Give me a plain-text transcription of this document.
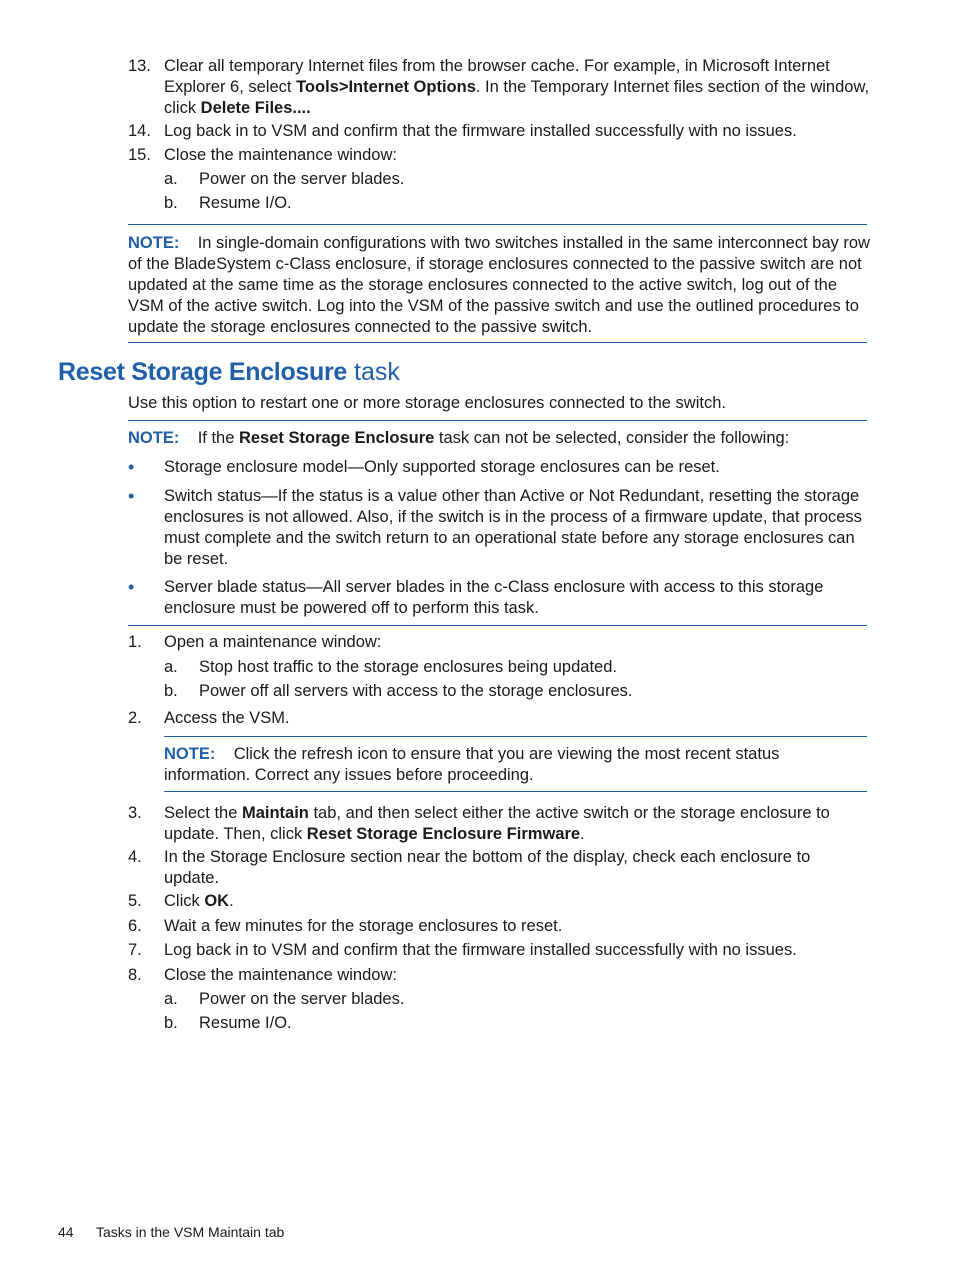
13. Clear all temporary Internet files from the browser cache. For example, in Microsoft Internet Explorer 6, select Tools>Internet Options. In the Temporary Internet files section of the window, click Delete Files....
14. Log back in to VSM and confirm that the firmware installed successfully with no issues.
15. Close the maintenance window:
a. Power on the server blades.
b. Resume I/O.
NOTE: In single-domain configurations with two switches installed in the same interconnect bay row of the BladeSystem c-Class enclosure, if storage enclosures connected to the passive switch are not updated at the same time as the storage enclosures connected to the active switch, log out of the VSM of the active switch. Log into the VSM of the passive switch and use the outlined procedures to update the storage enclosures connected to the passive switch.
Reset Storage Enclosure task
Use this option to restart one or more storage enclosures connected to the switch.
NOTE: If the Reset Storage Enclosure task can not be selected, consider the following:
• Storage enclosure model—Only supported storage enclosures can be reset.
• Switch status—If the status is a value other than Active or Not Redundant, resetting the storage enclosures is not allowed. Also, if the switch is in the process of a firmware update, that process must complete and the switch return to an operational state before any storage enclosures can be reset.
• Server blade status—All server blades in the c-Class enclosure with access to this storage enclosure must be powered off to perform this task.
1.	Open a maintenance window:
a. Stop host traffic to the storage enclosures being updated.
b. Power off all servers with access to the storage enclosures.
2.	Access the VSM.
NOTE: Click the refresh icon to ensure that you are viewing the most recent status information. Correct any issues before proceeding.
3.	Select the Maintain tab, and then select either the active switch or the storage enclosure to update. Then, click Reset Storage Enclosure Firmware.
4.	In the Storage Enclosure section near the bottom of the display, check each enclosure to update.
5.	Click OK.
6.	Wait a few minutes for the storage enclosures to reset.
7.	Log back in to VSM and confirm that the firmware installed successfully with no issues.
8.	Close the maintenance window:
a. Power on the server blades.
b. Resume I/O.
44 Tasks in the VSM Maintain tab
